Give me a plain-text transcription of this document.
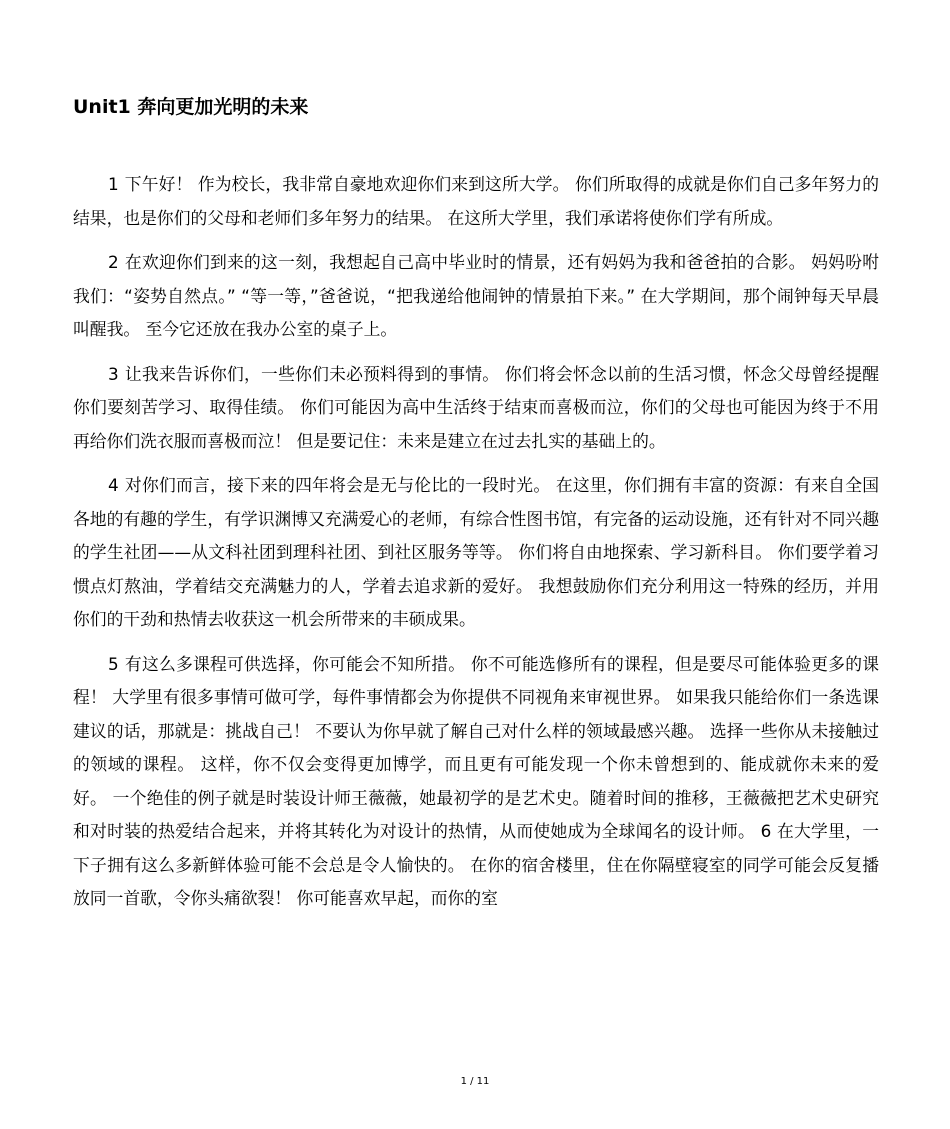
Unit1 奔向更加光明的未来

1 下午好！ 作为校长，我非常自豪地欢迎你们来到这所大学。 你们所取得的成就是你们自己多年努力的结果，也是你们的父母和老师们多年努力的结果。 在这所大学里，我们承诺将使你们学有所成。

2 在欢迎你们到来的这一刻，我想起自己高中毕业时的情景，还有妈妈为我和爸爸拍的合影。 妈妈吩咐我们：“姿势自然点。” “等一等，”爸爸说，“把我递给他闹钟的情景拍下来。” 在大学期间，那个闹钟每天早晨叫醒我。 至今它还放在我办公室的桌子上。

3 让我来告诉你们，一些你们未必预料得到的事情。 你们将会怀念以前的生活习惯，怀念父母曾经提醒你们要刻苦学习、取得佳绩。 你们可能因为高中生活终于结束而喜极而泣，你们的父母也可能因为终于不用再给你们洗衣服而喜极而泣！ 但是要记住：未来是建立在过去扎实的基础上的。

4 对你们而言，接下来的四年将会是无与伦比的一段时光。 在这里，你们拥有丰富的资源：有来自全国各地的有趣的学生，有学识渊博又充满爱心的老师，有综合性图书馆，有完备的运动设施，还有针对不同兴趣的学生社团——从文科社团到理科社团、到社区服务等等。 你们将自由地探索、学习新科目。 你们要学着习惯点灯熬油，学着结交充满魅力的人，学着去追求新的爱好。 我想鼓励你们充分利用这一特殊的经历，并用你们的干劲和热情去收获这一机会所带来的丰硕成果。

5 有这么多课程可供选择，你可能会不知所措。 你不可能选修所有的课程，但是要尽可能体验更多的课程！ 大学里有很多事情可做可学，每件事情都会为你提供不同视角来审视世界。 如果我只能给你们一条选课建议的话，那就是：挑战自己！ 不要认为你早就了解自己对什么样的领域最感兴趣。 选择一些你从未接触过的领域的课程。 这样，你不仅会变得更加博学，而且更有可能发现一个你未曾想到的、能成就你未来的爱好。 一个绝佳的例子就是时装设计师王薇薇，她最初学的是艺术史。随着时间的推移，王薇薇把艺术史研究和对时装的热爱结合起来，并将其转化为对设计的热情，从而使她成为全球闻名的设计师。 6 在大学里，一下子拥有这么多新鲜体验可能不会总是令人愉快的。 在你的宿舍楼里，住在你隔壁寝室的同学可能会反复播放同一首歌，令你头痛欲裂！ 你可能喜欢早起，而你的室

1 / 11
